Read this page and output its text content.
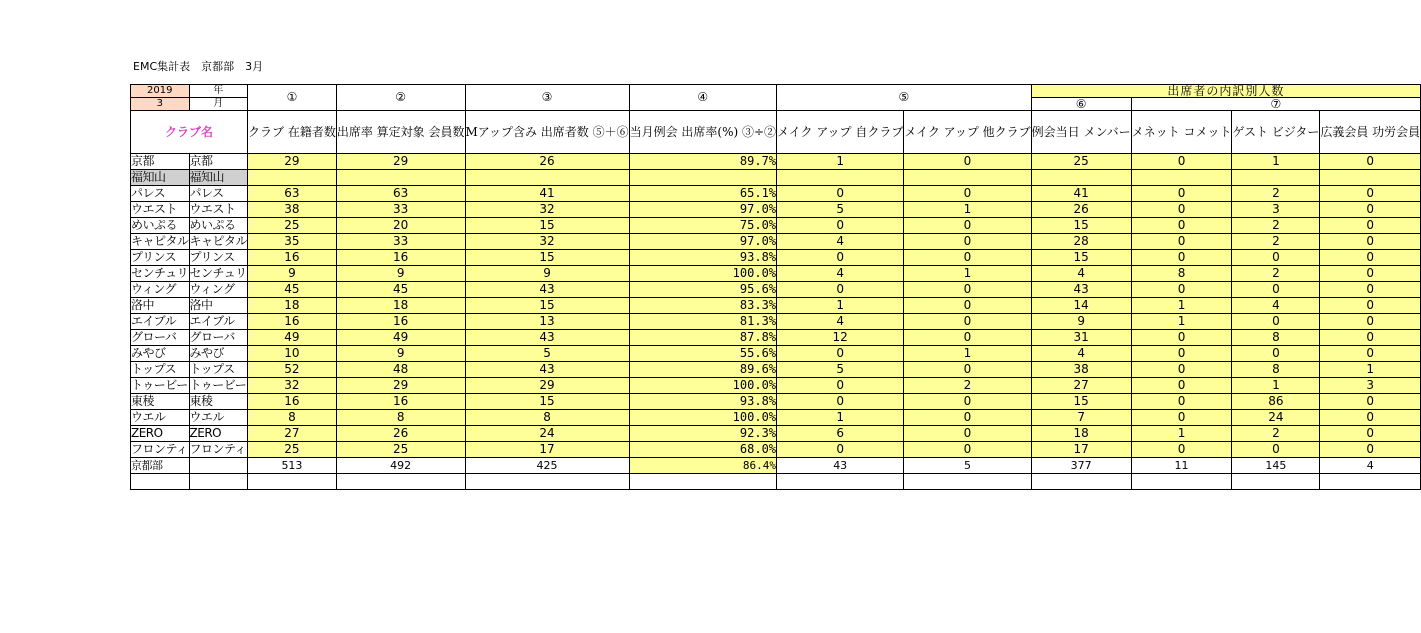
EMC集計表　京都部　3月
2019	年	①	②	③	④	⑤		出席者の内訳別人数			
3	月							⑥	⑦		
クラブ名		クラブ 在籍者数	出席率 算定対象 会員数	Mアップ含み 出席者数 ⑤＋⑥	当月例会 出席率(%) ③÷②	メイク アップ 自クラブ	メイク アップ 他クラブ	例会当日 メンバー	メネット コメット	ゲスト ビジター	広義会員 功労会員
京都	京都	29	29	26	89.7%	1	0	25	0	1	0
福知山	福知山										
パレス	パレス	63	63	41	65.1%	0	0	41	0	2	0
ウエスト	ウエスト	38	33	32	97.0%	5	1	26	0	3	0
めいぷる	めいぷる	25	20	15	75.0%	0	0	15	0	2	0
キャピタル	キャピタル	35	33	32	97.0%	4	0	28	0	2	0
プリンス	プリンス	16	16	15	93.8%	0	0	15	0	0	0
センチュリ	センチュリ	9	9	9	100.0%	4	1	4	8	2	0
ウィング	ウィング	45	45	43	95.6%	0	0	43	0	0	0
洛中	洛中	18	18	15	83.3%	1	0	14	1	4	0
エイブル	エイブル	16	16	13	81.3%	4	0	9	1	0	0
グローバ	グローバ	49	49	43	87.8%	12	0	31	0	8	0
みやび	みやび	10	9	5	55.6%	0	1	4	0	0	0
トップス	トップス	52	48	43	89.6%	5	0	38	0	8	1
トゥービー	トゥービー	32	29	29	100.0%	0	2	27	0	1	3
東稜	東稜	16	16	15	93.8%	0	0	15	0	86	0
ウエル	ウエル	8	8	8	100.0%	1	0	7	0	24	0
ZERO	ZERO	27	26	24	92.3%	6	0	18	1	2	0
フロンティ	フロンティ	25	25	17	68.0%	0	0	17	0	0	0
京都部		513	492	425	86.4%	43	5	377	11	145	4
